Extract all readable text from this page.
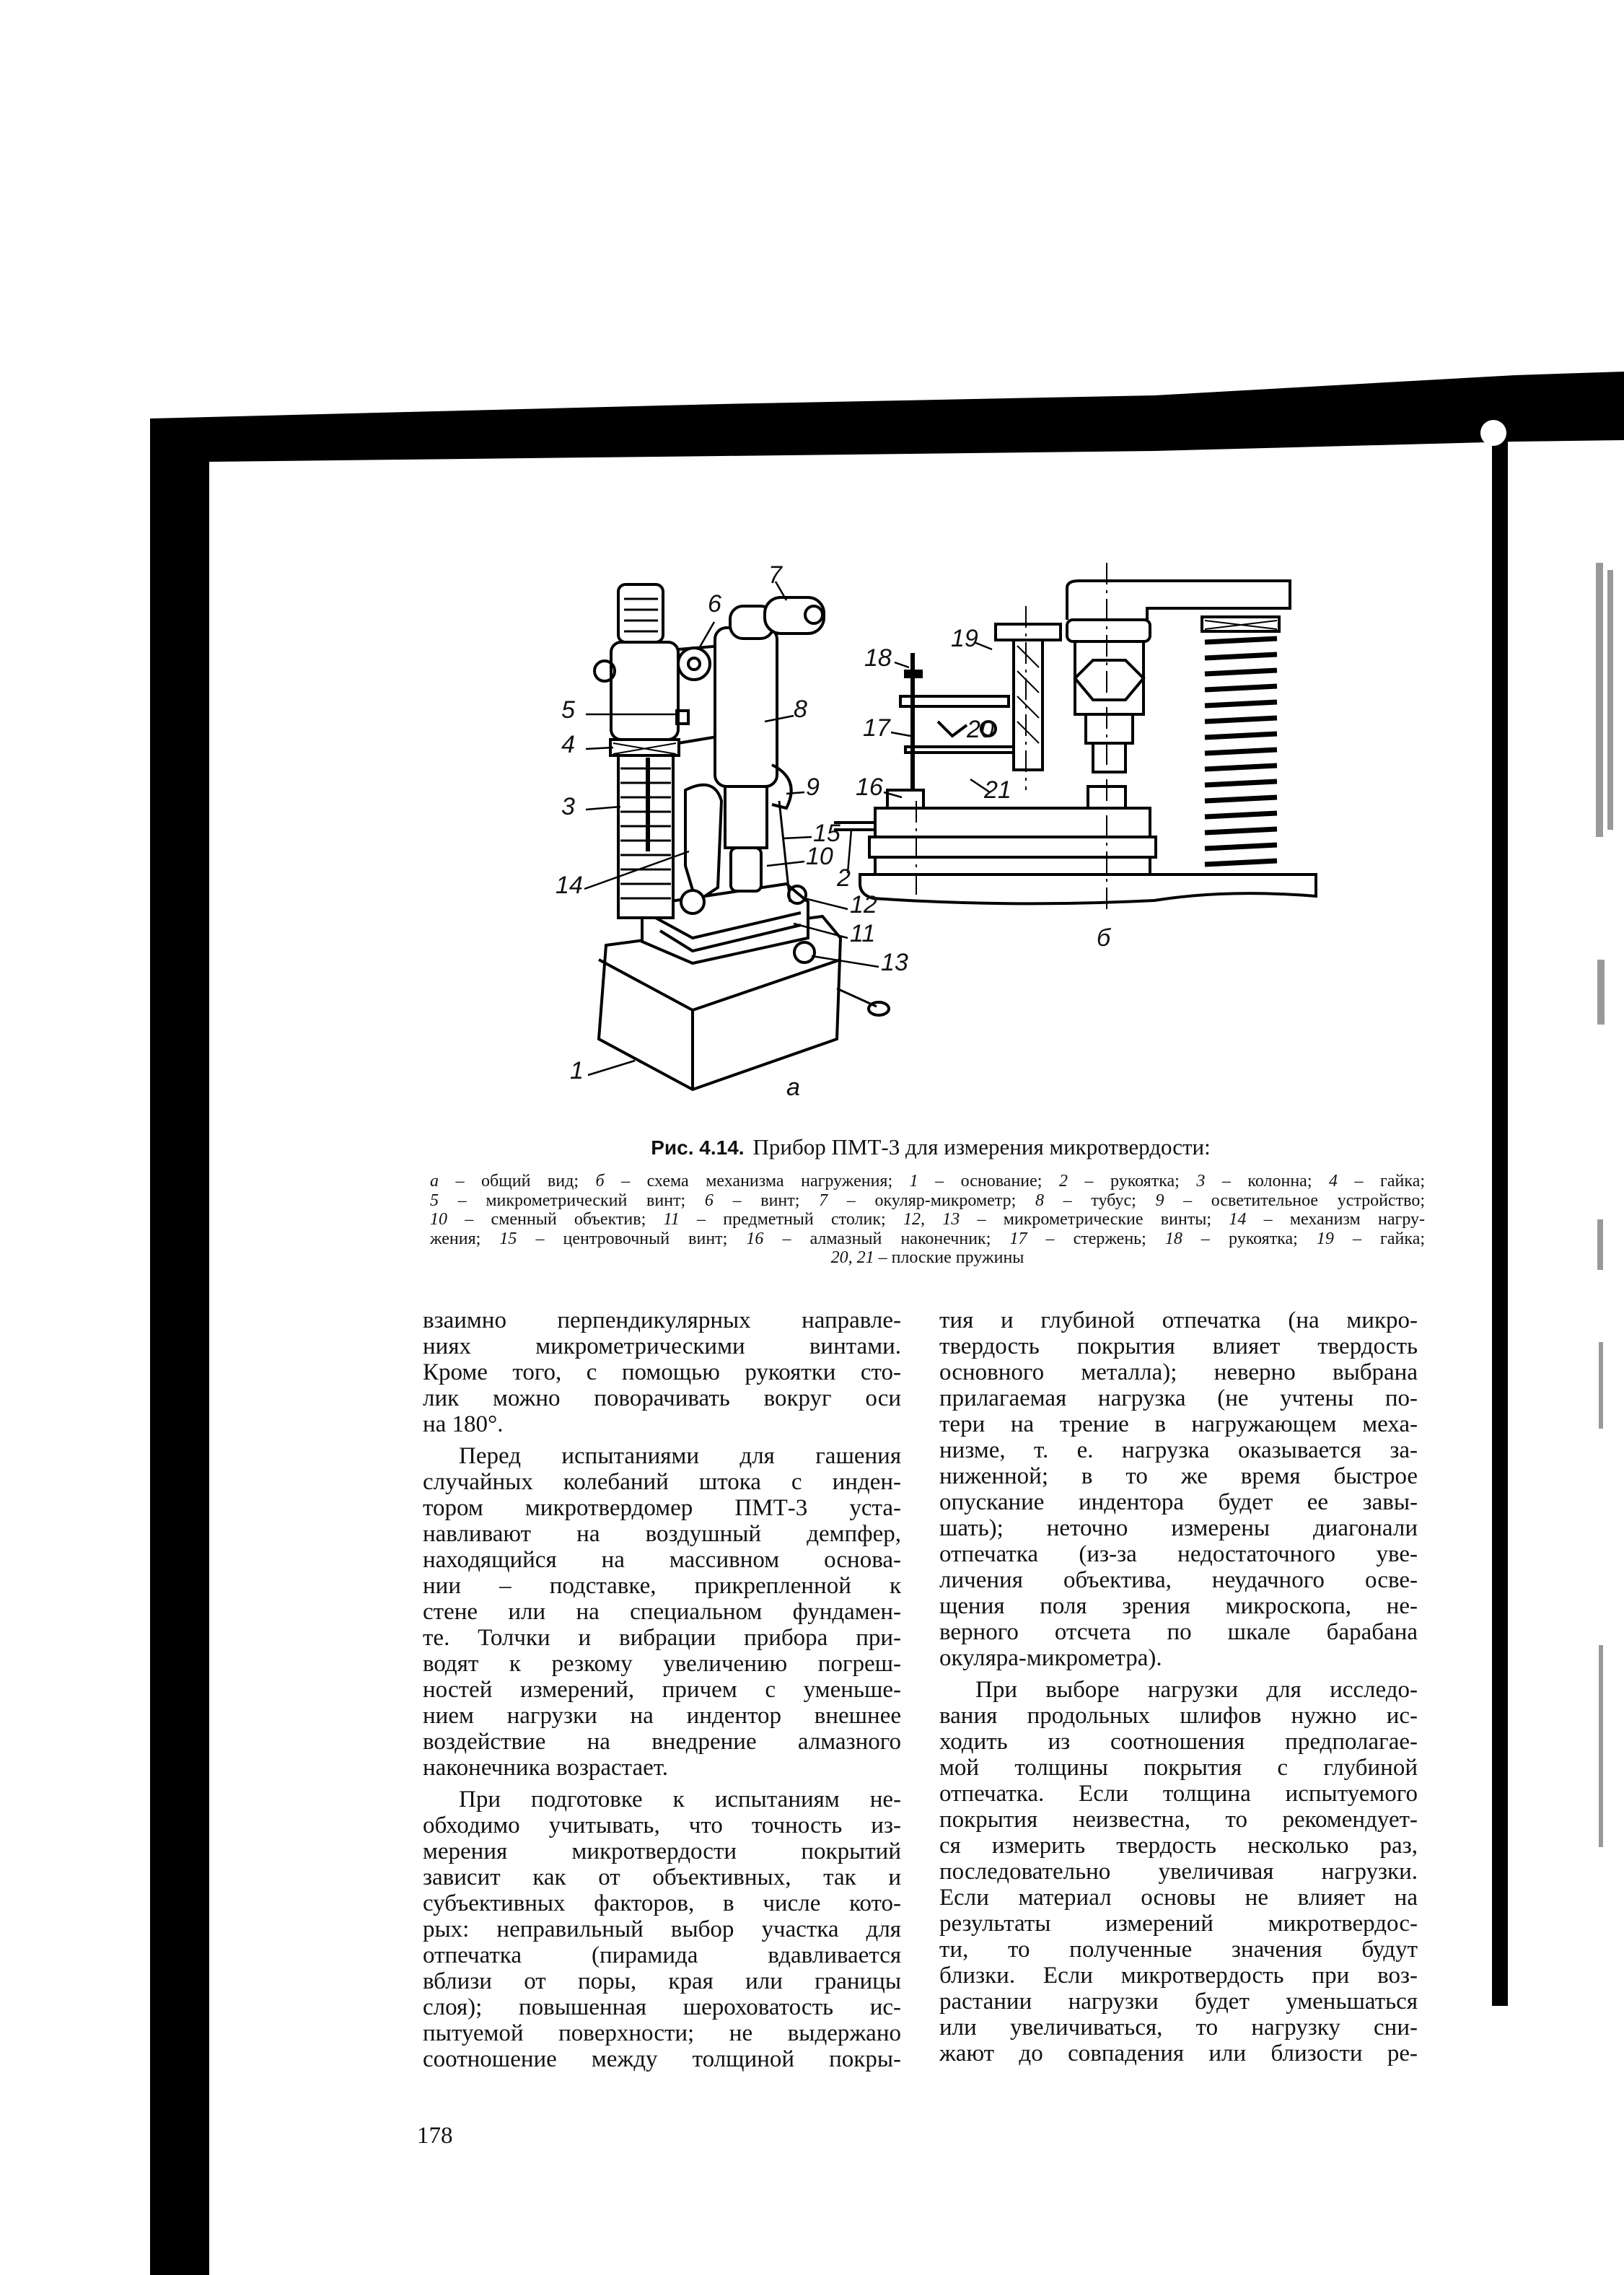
7
6
18
19
5	8
17	20
4
9 16	21
3
15
10
2
14
12
11	б
13
1
а
Рис. 4.14. Прибор ПМТ-3 для измерения микротвердости:
а – общий вид; б – схема механизма нагружения; 1 – основание; 2 – рукоятка; 3 – колонна; 4 – гайка;
5 – микрометрический винт; 6 – винт; 7 – окуляр-микрометр; 8 – тубус; 9 – осветительное устройство;
10 – сменный объектив; 11 – предметный столик; 12, 13 – микрометрические винты; 14 – механизм нагру-
жения; 15 – центровочный винт; 16 – алмазный наконечник; 17 – стержень; 18 – рукоятка; 19 – гайка;
20, 21 – плоские пружины
взаимно перпендикулярных направле-
ниях микрометрическими винтами.
Кроме того, с помощью рукоятки сто-
лик можно поворачивать вокруг оси
на 180°.
Перед испытаниями для гашения
случайных колебаний штока с инден-
тором микротвердомер ПМТ-3 уста-
навливают на воздушный демпфер,
находящийся на массивном основа-
нии – подставке, прикрепленной к
стене или на специальном фундамен-
те. Толчки и вибрации прибора при-
водят к резкому увеличению погреш-
ностей измерений, причем с уменьше-
нием нагрузки на индентор внешнее
воздействие на внедрение алмазного
наконечника возрастает.
При подготовке к испытаниям не-
обходимо учитывать, что точность из-
мерения микротвердости покрытий
зависит как от объективных, так и
субъективных факторов, в числе кото-
рых: неправильный выбор участка для
отпечатка (пирамида вдавливается
вблизи от поры, края или границы
слоя); повышенная шероховатость ис-
пытуемой поверхности; не выдержано
соотношение между толщиной покры-
тия и глубиной отпечатка (на микро-
твердость покрытия влияет твердость
основного металла); неверно выбрана
прилагаемая нагрузка (не учтены по-
тери на трение в нагружающем меха-
низме, т. е. нагрузка оказывается за-
ниженной; в то же время быстрое
опускание индентора будет ее завы-
шать); неточно измерены диагонали
отпечатка (из-за недостаточного уве-
личения объектива, неудачного осве-
щения поля зрения микроскопа, не-
верного отсчета по шкале барабана
окуляра-микрометра).
При выборе нагрузки для исследо-
вания продольных шлифов нужно ис-
ходить из соотношения предполагае-
мой толщины покрытия с глубиной
отпечатка. Если толщина испытуемого
покрытия неизвестна, то рекомендует-
ся измерить твердость несколько раз,
последовательно увеличивая нагрузки.
Если материал основы не влияет на
результаты измерений микротвердос-
ти, то полученные значения будут
близки. Если микротвердость при воз-
растании нагрузки будет уменьшаться
или увеличиваться, то нагрузку сни-
жают до совпадения или близости ре-
178
